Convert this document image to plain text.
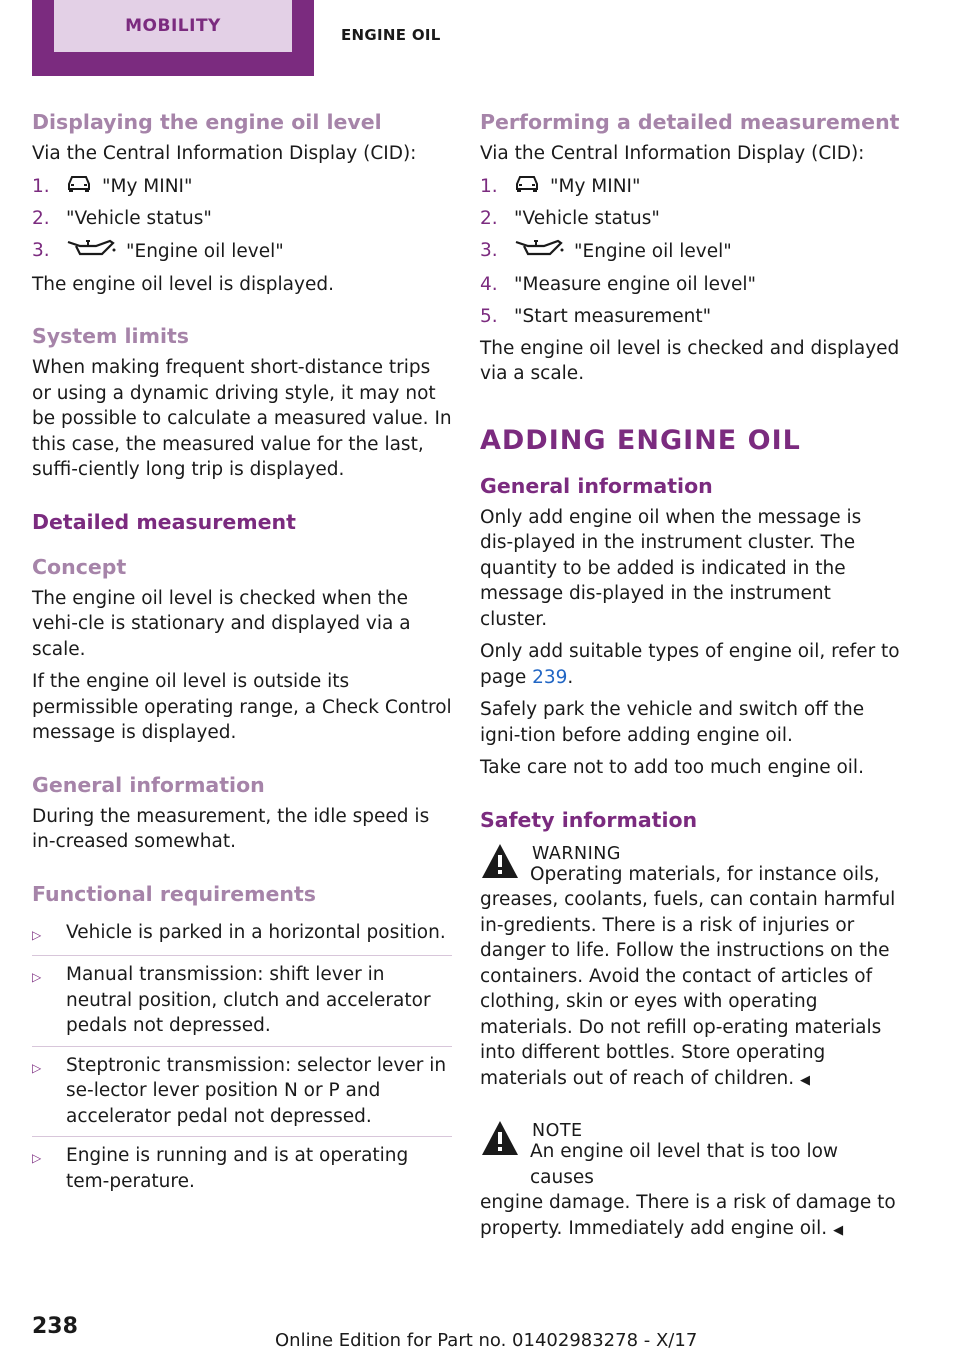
MOBILITY	ENGINE OIL
Displaying the engine oil level
Via the Central Information Display (CID):
1.	"My MINI"
2. "Vehicle status"
3.	"Engine oil level"
The engine oil level is displayed.
System limits
When making frequent short-distance trips or using a dynamic driving style, it may not be possible to calculate a measured value. In this case, the measured value for the last, suffi-ciently long trip is displayed.
Detailed measurement
Concept
The engine oil level is checked when the vehi-cle is stationary and displayed via a scale.
If the engine oil level is outside its permissible operating range, a Check Control message is displayed.
General information
During the measurement, the idle speed is in-creased somewhat.
Functional requirements
▷	Vehicle is parked in a horizontal position.
▷	Manual transmission: shift lever in neutral position, clutch and accelerator pedals not depressed.
▷	Steptronic transmission: selector lever in se-lector lever position N or P and accelerator pedal not depressed.
▷	Engine is running and is at operating tem-perature.
Performing a detailed measurement
Via the Central Information Display (CID):
1.	"My MINI"
2. "Vehicle status"
3.	"Engine oil level"
4. "Measure engine oil level"
5. "Start measurement"
The engine oil level is checked and displayed via a scale.
ADDING ENGINE OIL
General information
Only add engine oil when the message is dis-played in the instrument cluster. The quantity to be added is indicated in the message dis-played in the instrument cluster.
Only add suitable types of engine oil, refer to page 239.
Safely park the vehicle and switch off the igni-tion before adding engine oil.
Take care not to add too much engine oil.
Safety information
WARNING
Operating materials, for instance oils,
greases, coolants, fuels, can contain harmful in-gredients. There is a risk of injuries or danger to life. Follow the instructions on the containers. Avoid the contact of articles of clothing, skin or eyes with operating materials. Do not refill op-erating materials into different bottles. Store operating materials out of reach of children. ◀
NOTE
An engine oil level that is too low causes
engine damage. There is a risk of damage to property. Immediately add engine oil. ◀
238
Online Edition for Part no. 01402983278 - X/17
